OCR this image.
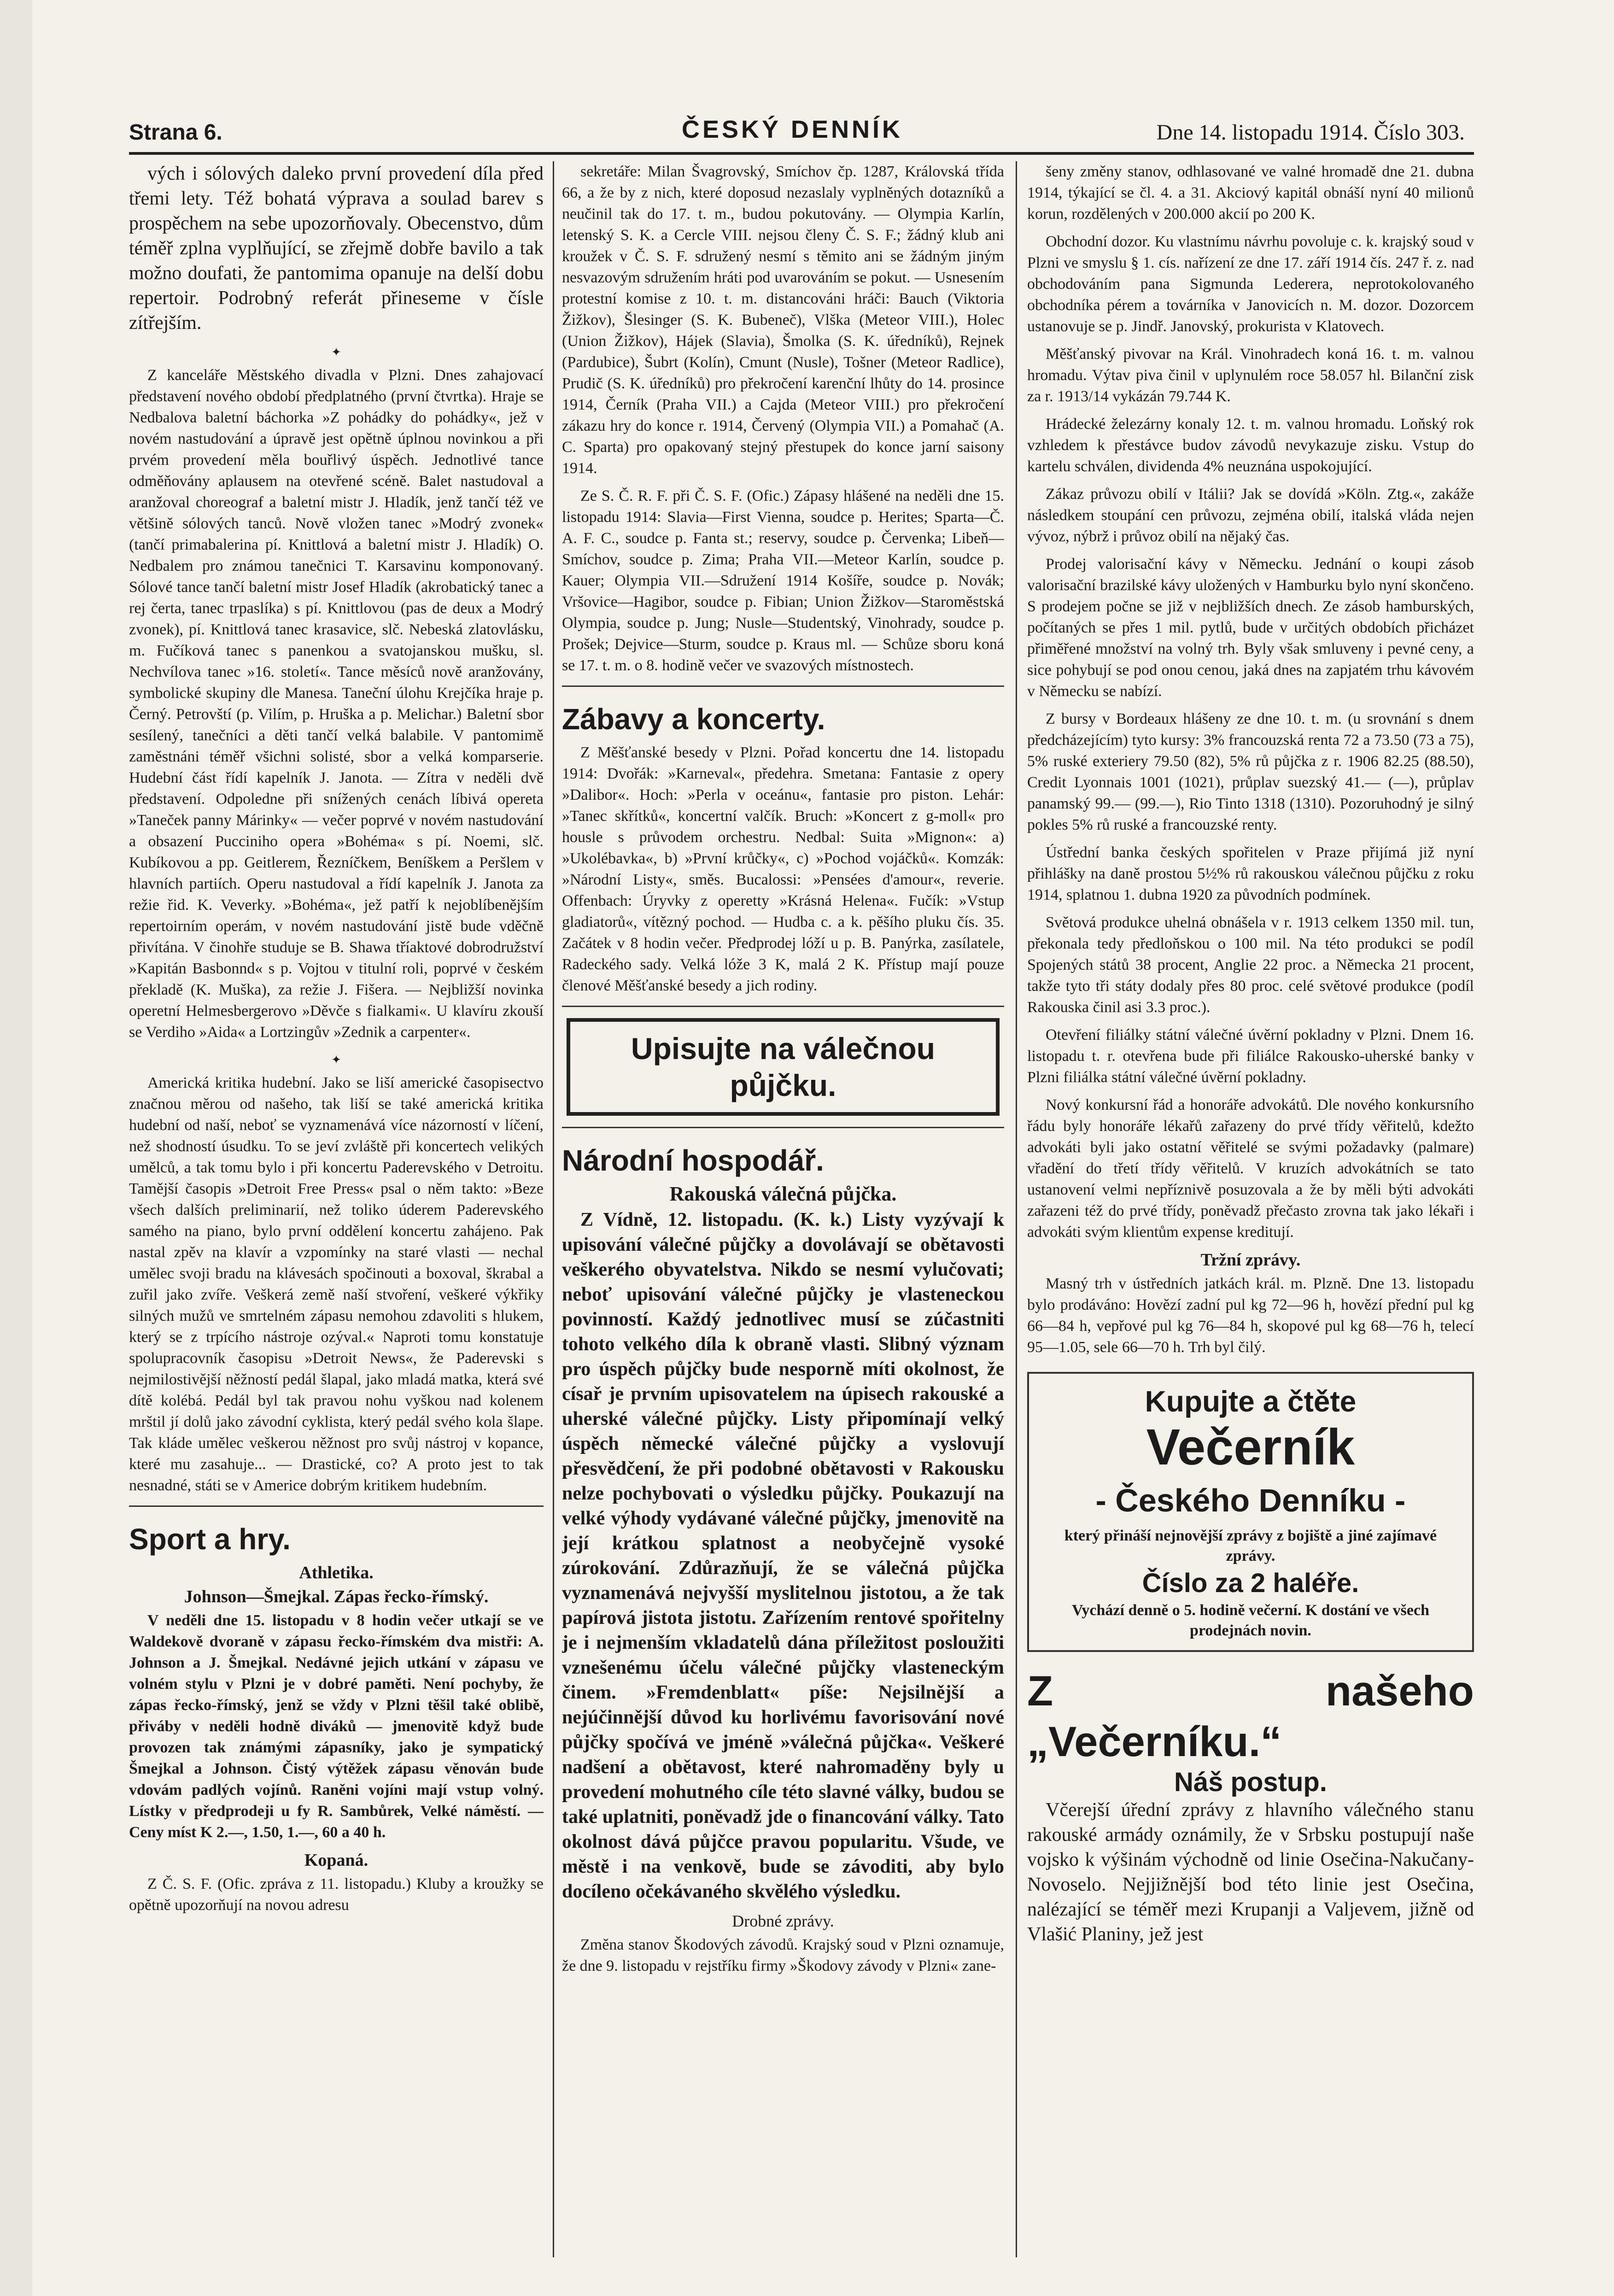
Strana 6.	ČESKÝ DENNÍK	Dne 14. listopadu 1914. Číslo 303.

vých i sólových daleko první provedení díla před třemi lety. Též bohatá výprava a soulad barev s prospěchem na sebe upozorňovaly. Obecenstvo, dům téměř zplna vyplňující, se zřejmě dobře bavilo a tak možno doufati, že pantomima opanuje na delší dobu repertoir. Podrobný referát přineseme v čísle zítřejším.

✦

Z kanceláře Městského divadla v Plzni. Dnes zahajovací představení nového období předplatného (první čtvrtka). Hraje se Nedbalova baletní báchorka »Z pohádky do pohádky«, jež v novém nastudování a úpravě jest opětně úplnou novinkou a při prvém provedení měla bouřlivý úspěch. Jednotlivé tance odměňovány aplausem na otevřené scéně. Balet nastudoval a aranžoval choreograf a baletní mistr J. Hladík, jenž tančí též ve většině sólových tanců. Nově vložen tanec »Modrý zvonek« (tančí primabalerina pí. Knittlová a baletní mistr J. Hladík) O. Nedbalem pro známou tanečnici T. Karsavinu komponovaný. Sólové tance tančí baletní mistr Josef Hladík (akrobatický tanec a rej čerta, tanec trpaslíka) s pí. Knittlovou (pas de deux a Modrý zvonek), pí. Knittlová tanec krasavice, slč. Nebeská zlatovlásku, m. Fučíková tanec s panenkou a svatojanskou mušku, sl. Nechvílova tanec »16. století«. Tance měsíců nově aranžovány, symbolické skupiny dle Manesa. Taneční úlohu Krejčíka hraje p. Černý. Petrovští (p. Vilím, p. Hruška a p. Melichar.) Baletní sbor sesílený, tanečníci a děti tančí velká balabile. V pantomimě zaměstnáni téměř všichni solisté, sbor a velká komparserie. Hudební část řídí kapelník J. Janota. — Zítra v neděli dvě představení. Odpoledne při snížených cenách líbivá opereta »Taneček panny Márinky« — večer poprvé v novém nastudování a obsazení Pucciniho opera »Bohéma« s pí. Noemi, slč. Kubíkovou a pp. Geitlerem, Řezníčkem, Beníškem a Peršlem v hlavních partiích. Operu nastudoval a řídí kapelník J. Janota za režie řid. K. Veverky. »Bohéma«, jež patří k nejoblíbenějším repertoirním operám, v novém nastudování jistě bude vděčně přivítána. V činohře studuje se B. Shawa tříaktové dobrodružství »Kapitán Basbonnd« s p. Vojtou v titulní roli, poprvé v českém překladě (K. Muška), za režie J. Fišera. — Nejbližší novinka operetní Helmesbergerovo »Děvče s fialkami«. U klavíru zkouší se Verdiho »Aida« a Lortzingův »Zednik a carpenter«.

✦

Americká kritika hudební. Jako se liší americké časopisectvo značnou měrou od našeho, tak liší se také americká kritika hudební od naší, neboť se vyznamenává více názorností v líčení, než shodností úsudku. To se jeví zvláště při koncertech velikých umělců, a tak tomu bylo i při koncertu Paderevského v Detroitu. Tamější časopis »Detroit Free Press« psal o něm takto: »Beze všech dalších preliminarií, než toliko úderem Paderevského samého na piano, bylo první oddělení koncertu zahájeno. Pak nastal zpěv na klavír a vzpomínky na staré vlasti — nechal umělec svoji bradu na klávesách spočinouti a boxoval, škrabal a zuřil jako zvíře. Veškerá země naší stvoření, veškeré výkřiky silných mužů ve smrtelném zápasu nemohou zdavoliti s hlukem, který se z trpícího nástroje ozýval.« Naproti tomu konstatuje spolupracovník časopisu »Detroit News«, že Paderevski s nejmilostivější něžností pedál šlapal, jako mladá matka, která své dítě kolébá. Pedál byl tak pravou nohu vyškou nad kolenem mrštil jí dolů jako závodní cyklista, který pedál svého kola šlape. Tak kláde umělec veškerou něžnost pro svůj nástroj v kopance, které mu zasahuje... — Drastické, co? A proto jest to tak nesnadné, státi se v Americe dobrým kritikem hudebním.

Sport a hry.

Athletika.

Johnson—Šmejkal. Zápas řecko-římský.

V neděli dne 15. listopadu v 8 hodin večer utkají se ve Waldekově dvoraně v zápasu řecko-římském dva mistři: A. Johnson a J. Šmejkal. Nedávné jejich utkání v zápasu ve volném stylu v Plzni je v dobré paměti. Není pochyby, že zápas řecko-římský, jenž se vždy v Plzni těšil také oblibě, přiváby v neděli hodně diváků — jmenovitě když bude provozen tak známými zápasníky, jako je sympatický Šmejkal a Johnson. Čistý výtěžek zápasu věnován bude vdovám padlých vojínů. Raněni vojíni mají vstup volný. Lístky v předprodeji u fy R. Sambůrek, Velké náměstí. — Ceny míst K 2.—, 1.50, 1.—, 60 a 40 h.

Kopaná.

Z Č. S. F. (Ofic. zpráva z 11. listopadu.) Kluby a kroužky se opětně upozorňují na novou adresu

sekretáře: Milan Švagrovský, Smíchov čp. 1287, Královská třída 66, a že by z nich, které doposud nezaslaly vyplněných dotazníků a neučinil tak do 17. t. m., budou pokutovány. — Olympia Karlín, letenský S. K. a Cercle VIII. nejsou členy Č. S. F.; žádný klub ani kroužek v Č. S. F. sdružený nesmí s těmito ani se žádným jiným nesvazovým sdružením hráti pod uvarováním se pokut. — Usnesením protestní komise z 10. t. m. distancováni hráči: Bauch (Viktoria Žižkov), Šlesinger (S. K. Bubeneč), Vlška (Meteor VIII.), Holec (Union Žižkov), Hájek (Slavia), Šmolka (S. K. úředníků), Rejnek (Pardubice), Šubrt (Kolín), Cmunt (Nusle), Tošner (Meteor Radlice), Prudič (S. K. úředníků) pro překročení karenční lhůty do 14. prosince 1914, Černík (Praha VII.) a Cajda (Meteor VIII.) pro překročení zákazu hry do konce r. 1914, Červený (Olympia VII.) a Pomahač (A. C. Sparta) pro opakovaný stejný přestupek do konce jarní saisony 1914.

Ze S. Č. R. F. při Č. S. F. (Ofic.) Zápasy hlášené na neděli dne 15. listopadu 1914: Slavia—First Vienna, soudce p. Herites; Sparta—Č. A. F. C., soudce p. Fanta st.; reservy, soudce p. Červenka; Libeň—Smíchov, soudce p. Zima; Praha VII.—Meteor Karlín, soudce p. Kauer; Olympia VII.—Sdružení 1914 Košíře, soudce p. Novák; Vršovice—Hagibor, soudce p. Fibian; Union Žižkov—Staroměstská Olympia, soudce p. Jung; Nusle—Studentský, Vinohrady, soudce p. Prošek; Dejvice—Sturm, soudce p. Kraus ml. — Schůze sboru koná se 17. t. m. o 8. hodině večer ve svazových místnostech.

Zábavy a koncerty.

Z Měšťanské besedy v Plzni. Pořad koncertu dne 14. listopadu 1914: Dvořák: »Karneval«, předehra. Smetana: Fantasie z opery »Dalibor«. Hoch: »Perla v oceánu«, fantasie pro piston. Lehár: »Tanec skřítků«, koncertní valčík. Bruch: »Koncert z g-moll« pro housle s průvodem orchestru. Nedbal: Suita »Mignon«: a) »Ukolébavka«, b) »První krůčky«, c) »Pochod vojáčků«. Komzák: »Národní Listy«, směs. Bucalossi: »Pensées d'amour«, reverie. Offenbach: Úryvky z operetty »Krásná Helena«. Fučík: »Vstup gladiatorů«, vítězný pochod. — Hudba c. a k. pěšího pluku čís. 35. Začátek v 8 hodin večer. Předprodej lóží u p. B. Panýrka, zasílatele, Radeckého sady. Velká lóže 3 K, malá 2 K. Přístup mají pouze členové Měšťanské besedy a jich rodiny.

Upisujte na válečnou půjčku.

Národní hospodář.

Rakouská válečná půjčka.

Z Vídně, 12. listopadu. (K. k.) Listy vyzývají k upisování válečné půjčky a dovolávají se obětavosti veškerého obyvatelstva. Nikdo se nesmí vylučovati; neboť upisování válečné půjčky je vlasteneckou povinností. Každý jednotlivec musí se zúčastniti tohoto velkého díla k obraně vlasti. Slibný význam pro úspěch půjčky bude nesporně míti okolnost, že císař je prvním upisovatelem na úpisech rakouské a uherské válečné půjčky. Listy připomínají velký úspěch německé válečné půjčky a vyslovují přesvědčení, že při podobné obětavosti v Rakousku nelze pochybovati o výsledku půjčky. Poukazují na velké výhody vydávané válečné půjčky, jmenovitě na její krátkou splatnost a neobyčejně vysoké zúrokování. Zdůrazňují, že se válečná půjčka vyznamenává nejvyšší myslitelnou jistotou, a že tak papírová jistota jistotu. Zařízením rentové spořitelny je i nejmenším vkladatelů dána příležitost posloužiti vznešenému účelu válečné půjčky vlasteneckým činem. »Fremdenblatt« píše: Nejsilnější a nejúčinnější důvod ku horlivému favorisování nové půjčky spočívá ve jméně »válečná půjčka«. Veškeré nadšení a obětavost, které nahromaděny byly u provedení mohutného cíle této slavné války, budou se také uplatniti, poněvadž jde o financování války. Tato okolnost dává půjčce pravou popularitu. Všude, ve městě i na venkově, bude se závoditi, aby bylo docíleno očekávaného skvělého výsledku.

Drobné zprávy.

Změna stanov Škodových závodů. Krajský soud v Plzni oznamuje, že dne 9. listopadu v rejstříku firmy »Škodovy závody v Plzni« zane-

šeny změny stanov, odhlasované ve valné hromadě dne 21. dubna 1914, týkající se čl. 4. a 31. Akciový kapitál obnáší nyní 40 milionů korun, rozdělených v 200.000 akcií po 200 K.

Obchodní dozor. Ku vlastnímu návrhu povoluje c. k. krajský soud v Plzni ve smyslu § 1. cís. nařízení ze dne 17. září 1914 čís. 247 ř. z. nad obchodováním pana Sigmunda Lederera, neprotokolovaného obchodníka pérem a továrníka v Janovicích n. M. dozor. Dozorcem ustanovuje se p. Jindř. Janovský, prokurista v Klatovech.

Měšťanský pivovar na Král. Vinohradech koná 16. t. m. valnou hromadu. Výtav piva činil v uplynulém roce 58.057 hl. Bilanční zisk za r. 1913/14 vykázán 79.744 K.

Hrádecké železárny konaly 12. t. m. valnou hromadu. Loňský rok vzhledem k přestávce budov závodů nevykazuje zisku. Vstup do kartelu schválen, dividenda 4% neuznána uspokojující.

Zákaz průvozu obilí v Itálii? Jak se dovídá »Köln. Ztg.«, zakáže následkem stoupání cen průvozu, zejména obilí, italská vláda nejen vývoz, nýbrž i průvoz obilí na nějaký čas.

Prodej valorisační kávy v Německu. Jednání o koupi zásob valorisační brazilské kávy uložených v Hamburku bylo nyní skončeno. S prodejem počne se již v nejbližších dnech. Ze zásob hamburských, počítaných se přes 1 mil. pytlů, bude v určitých obdobích přicházet přiměřené množství na volný trh. Byly však smluveny i pevné ceny, a sice pohybují se pod onou cenou, jaká dnes na zapjatém trhu kávovém v Německu se nabízí.

Z bursy v Bordeaux hlášeny ze dne 10. t. m. (u srovnání s dnem předcházejícím) tyto kursy: 3% francouzská renta 72 a 73.50 (73 a 75), 5% ruské exteriery 79.50 (82), 5% rů půjčka z r. 1906 82.25 (88.50), Credit Lyonnais 1001 (1021), průplav suezský 41.— (—), průplav panamský 99.— (99.—), Rio Tinto 1318 (1310). Pozoruhodný je silný pokles 5% rů ruské a francouzské renty.

Ústřední banka českých spořitelen v Praze přijímá již nyní přihlášky na daně prostou 5½% rů rakouskou válečnou půjčku z roku 1914, splatnou 1. dubna 1920 za původních podmínek.

Světová produkce uhelná obnášela v r. 1913 celkem 1350 mil. tun, překonala tedy předloňskou o 100 mil. Na této produkci se podíl Spojených států 38 procent, Anglie 22 proc. a Německa 21 procent, takže tyto tři státy dodaly přes 80 proc. celé světové produkce (podíl Rakouska činil asi 3.3 proc.).

Otevření filiálky státní válečné úvěrní pokladny v Plzni. Dnem 16. listopadu t. r. otevřena bude při filiálce Rakousko-uherské banky v Plzni filiálka státní válečné úvěrní pokladny.

Nový konkursní řád a honoráře advokátů. Dle nového konkursního řádu byly honoráře lékařů zařazeny do prvé třídy věřitelů, kdežto advokáti byli jako ostatní věřitelé se svými požadavky (palmare) vřadění do třetí třídy věřitelů. V kruzích advokátních se tato ustanovení velmi nepříznivě posuzovala a že by měli býti advokáti zařazeni též do prvé třídy, poněvadž přečasto zrovna tak jako lékaři i advokáti svým klientům expense kreditují.

Tržní zprávy.

Masný trh v ústředních jatkách král. m. Plzně. Dne 13. listopadu bylo prodáváno: Hovězí zadní pul kg 72—96 h, hovězí přední pul kg 66—84 h, vepřové pul kg 76—84 h, skopové pul kg 68—76 h, telecí 95—1.05, sele 66—70 h. Trh byl čilý.

Kupujte a čtěte
Večerník
- Českého Denníku -
který přináší nejnovější zprávy z bojiště a jiné zajímavé zprávy.
Číslo za 2 haléře.
Vychází denně o 5. hodině večerní. K dostání ve všech prodejnách novin.

Z našeho „Večerníku.“

Náš postup.

Včerejší úřední zprávy z hlavního válečného stanu rakouské armády oznámily, že v Srbsku postupují naše vojsko k výšinám východně od linie Osečina-Nakučany-Novoselo. Nejjižnější bod této linie jest Osečina, nalézající se téměř mezi Krupanji a Valjevem, jižně od Vlašić Planiny, jež jest
